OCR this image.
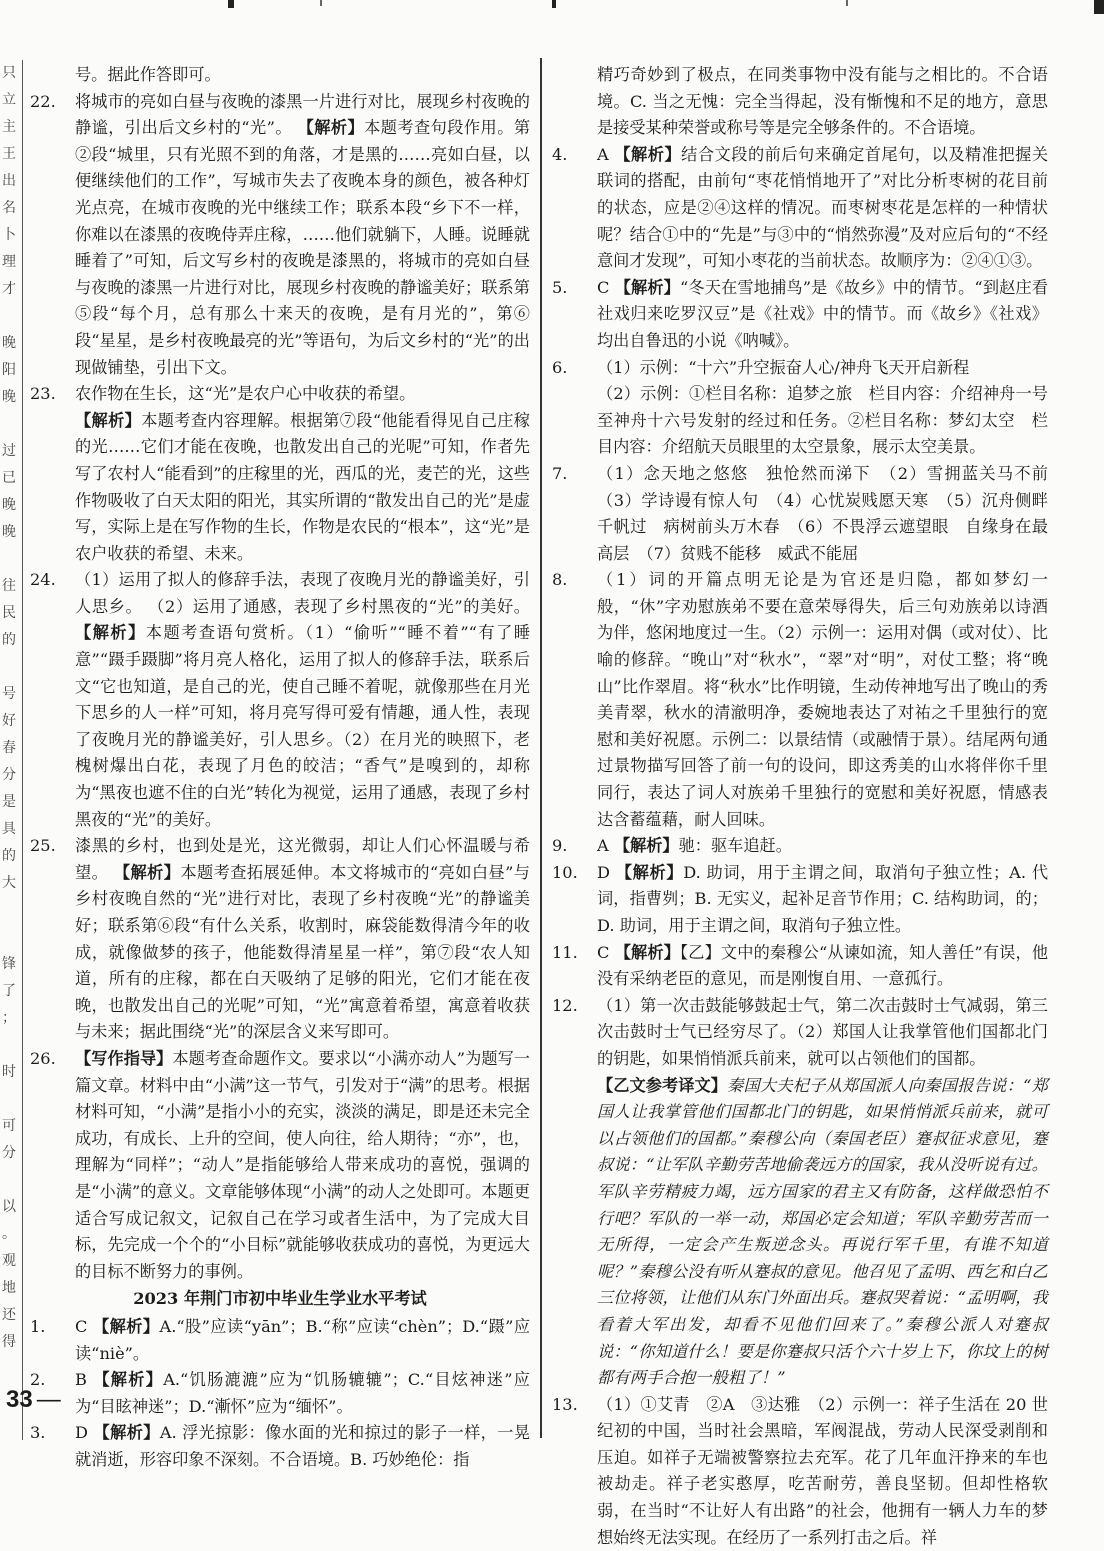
只
立
主
王
出
名
卜
理
才
晚
阳
晚
过
已
晚
晚
往
民
的
号
好
春
分
是
具
的
大
锋
了
；
时
可
分
以
。
观
地
还
得
号。据此作答即可。
22. 将城市的亮如白昼与夜晚的漆黑一片进行对比，展现乡村夜晚的静谧，引出后文乡村的“光”。 【解析】本题考查句段作用。第②段“城里，只有光照不到的角落，才是黑的……亮如白昼，以便继续他们的工作”，写城市失去了夜晚本身的颜色，被各种灯光点亮，在城市夜晚的光中继续工作；联系本段“乡下不一样，你难以在漆黑的夜晚侍弄庄稼，……他们就躺下，人睡。说睡就睡着了”可知，后文写乡村的夜晚是漆黑的，将城市的亮如白昼与夜晚的漆黑一片进行对比，展现乡村夜晚的静谧美好；联系第⑤段“每个月，总有那么十来天的夜晚，是有月光的”，第⑥段“星星，是乡村夜晚最亮的光”等语句，为后文乡村的“光”的出现做铺垫，引出下文。
23. 农作物在生长，这“光”是农户心中收获的希望。
【解析】本题考查内容理解。根据第⑦段“他能看得见自己庄稼的光……它们才能在夜晚，也散发出自己的光呢”可知，作者先写了农村人“能看到”的庄稼里的光，西瓜的光，麦芒的光，这些作物吸收了白天太阳的阳光，其实所谓的“散发出自己的光”是虚写，实际上是在写作物的生长，作物是农民的“根本”，这“光”是农户收获的希望、未来。
24. （1）运用了拟人的修辞手法，表现了夜晚月光的静谧美好，引人思乡。 （2）运用了通感，表现了乡村黑夜的“光”的美好。 【解析】本题考查语句赏析。（1）“偷听”“睡不着”“有了睡意”“蹑手蹑脚”将月亮人格化，运用了拟人的修辞手法，联系后文“它也知道，是自己的光，使自己睡不着呢，就像那些在月光下思乡的人一样”可知，将月亮写得可爱有情趣，通人性，表现了夜晚月光的静谧美好，引人思乡。（2）在月光的映照下，老槐树爆出白花，表现了月色的皎洁；“香气”是嗅到的，却称为“黑夜也遮不住的白光”转化为视觉，运用了通感，表现了乡村黑夜的“光”的美好。
25. 漆黑的乡村，也到处是光，这光微弱，却让人们心怀温暖与希望。 【解析】本题考查拓展延伸。本文将城市的“亮如白昼”与乡村夜晚自然的“光”进行对比，表现了乡村夜晚“光”的静谧美好；联系第⑥段“有什么关系，收割时，麻袋能数得清今年的收成，就像做梦的孩子，他能数得清星星一样”，第⑦段“农人知道，所有的庄稼，都在白天吸纳了足够的阳光，它们才能在夜晚，也散发出自己的光呢”可知，“光”寓意着希望，寓意着收获与未来；据此围绕“光”的深层含义来写即可。
26. 【写作指导】本题考查命题作文。要求以“小满亦动人”为题写一篇文章。材料中由“小满”这一节气，引发对于“满”的思考。根据材料可知，“小满”是指小小的充实，淡淡的满足，即是还未完全成功，有成长、上升的空间，使人向往，给人期待；“亦”，也，理解为“同样”；“动人”是指能够给人带来成功的喜悦，强调的是“小满”的意义。文章能够体现“小满”的动人之处即可。本题更适合写成记叙文，记叙自己在学习或者生活中，为了完成大目标，先完成一个个的“小目标”就能够收获成功的喜悦，为更远大的目标不断努力的事例。
2023 年荆门市初中毕业生学业水平考试
1. C 【解析】A.“股”应读“yān”；B.“称”应读“chèn”；D.“蹑”应读“niè”。
2. B 【解析】A.“饥肠漉漉”应为“饥肠辘辘”；C.“目炫神迷”应为“目眩神迷”；D.“漸怀”应为“缅怀”。
3. D 【解析】A. 浮光掠影：像水面的光和掠过的影子一样，一晃就消逝，形容印象不深刻。不合语境。B. 巧妙绝伦：指
精巧奇妙到了极点，在同类事物中没有能与之相比的。不合语境。C. 当之无愧：完全当得起，没有惭愧和不足的地方，意思是接受某种荣誉或称号等是完全够条件的。不合语境。
4. A 【解析】结合文段的前后句来确定首尾句，以及精准把握关联词的搭配，由前句“枣花悄悄地开了”对比分析枣树的花目前的状态，应是②④这样的情况。而枣树枣花是怎样的一种情状呢？结合①中的“先是”与③中的“悄然弥漫”及对应后句的“不经意间才发现”，可知小枣花的当前状态。故顺序为：②④①③。
5. C 【解析】“冬天在雪地捕鸟”是《故乡》中的情节。“到赵庄看社戏归来吃罗汉豆”是《社戏》中的情节。而《故乡》《社戏》均出自鲁迅的小说《呐喊》。
6. （1）示例：“十六”升空振奋人心/神舟飞天开启新程
（2）示例：①栏目名称：追梦之旅　栏目内容：介绍神舟一号至神舟十六号发射的经过和任务。②栏目名称：梦幻太空　栏目内容：介绍航天员眼里的太空景象，展示太空美景。
7. （1）念天地之悠悠　独怆然而涕下　（2）雪拥蓝关马不前　（3）学诗谩有惊人句　（4）心忧炭贱愿天寒　（5）沉舟侧畔千帆过　病树前头万木春　（6）不畏浮云遮望眼　自缘身在最高层　（7）贫贱不能移　威武不能屈
8. （1）词的开篇点明无论是为官还是归隐，都如梦幻一般，“休”字劝慰族弟不要在意荣辱得失，后三句劝族弟以诗酒为伴，悠闲地度过一生。（2）示例一：运用对偶（或对仗）、比喻的修辞。“晚山”对“秋水”，“翠”对“明”，对仗工整；将“晚山”比作翠眉。将“秋水”比作明镜，生动传神地写出了晚山的秀美青翠，秋水的清澈明净，委婉地表达了对祐之千里独行的宽慰和美好祝愿。示例二：以景结情（或融情于景）。结尾两句通过景物描写回答了前一句的设问，即这秀美的山水将伴你千里同行，表达了词人对族弟千里独行的宽慰和美好祝愿，情感表达含蓄蕴藉，耐人回味。
9. A 【解析】驰：驱车追赶。
10. D 【解析】D. 助词，用于主谓之间，取消句子独立性；A. 代词，指曹刿；B. 无实义，起补足音节作用；C. 结构助词，的；D. 助词，用于主谓之间，取消句子独立性。
11. C 【解析】【乙】文中的秦穆公“从谏如流，知人善任”有误，他没有采纳老臣的意见，而是刚愎自用、一意孤行。
12. （1）第一次击鼓能够鼓起士气，第二次击鼓时士气减弱，第三次击鼓时士气已经穷尽了。（2）郑国人让我掌管他们国都北门的钥匙，如果悄悄派兵前来，就可以占领他们的国都。
【乙文参考译文】秦国大夫杞子从郑国派人向秦国报告说：“郑国人让我掌管他们国都北门的钥匙，如果悄悄派兵前来，就可以占领他们的国都。”秦穆公向（秦国老臣）蹇叔征求意见，蹇叔说：“让军队辛勤劳苦地偷袭远方的国家，我从没听说有过。军队辛劳精疲力竭，远方国家的君主又有防备，这样做恐怕不行吧？军队的一举一动，郑国必定会知道；军队辛勤劳苦而一无所得，一定会产生叛逆念头。再说行军千里，有谁不知道呢？”秦穆公没有听从蹇叔的意见。他召见了孟明、西乞和白乙三位将领，让他们从东门外面出兵。蹇叔哭着说：“孟明啊，我看着大军出发，却看不见他们回来了。”秦穆公派人对蹇叔说：“你知道什么！要是你蹇叔只活个六十岁上下，你坟上的树都有两手合抱一般粗了！”
13. （1）①艾青　②A　③达雅　（2）示例一：祥子生活在 20 世纪初的中国，当时社会黑暗，军阀混战，劳动人民深受剥削和压迫。如祥子无端被警察拉去充军。花了几年血汗挣来的车也被劫走。祥子老实憨厚，吃苦耐劳，善良坚韧。但却性格软弱，在当时“不让好人有出路”的社会，他拥有一辆人力车的梦想始终无法实现。在经历了一系列打击之后。祥
33 —
